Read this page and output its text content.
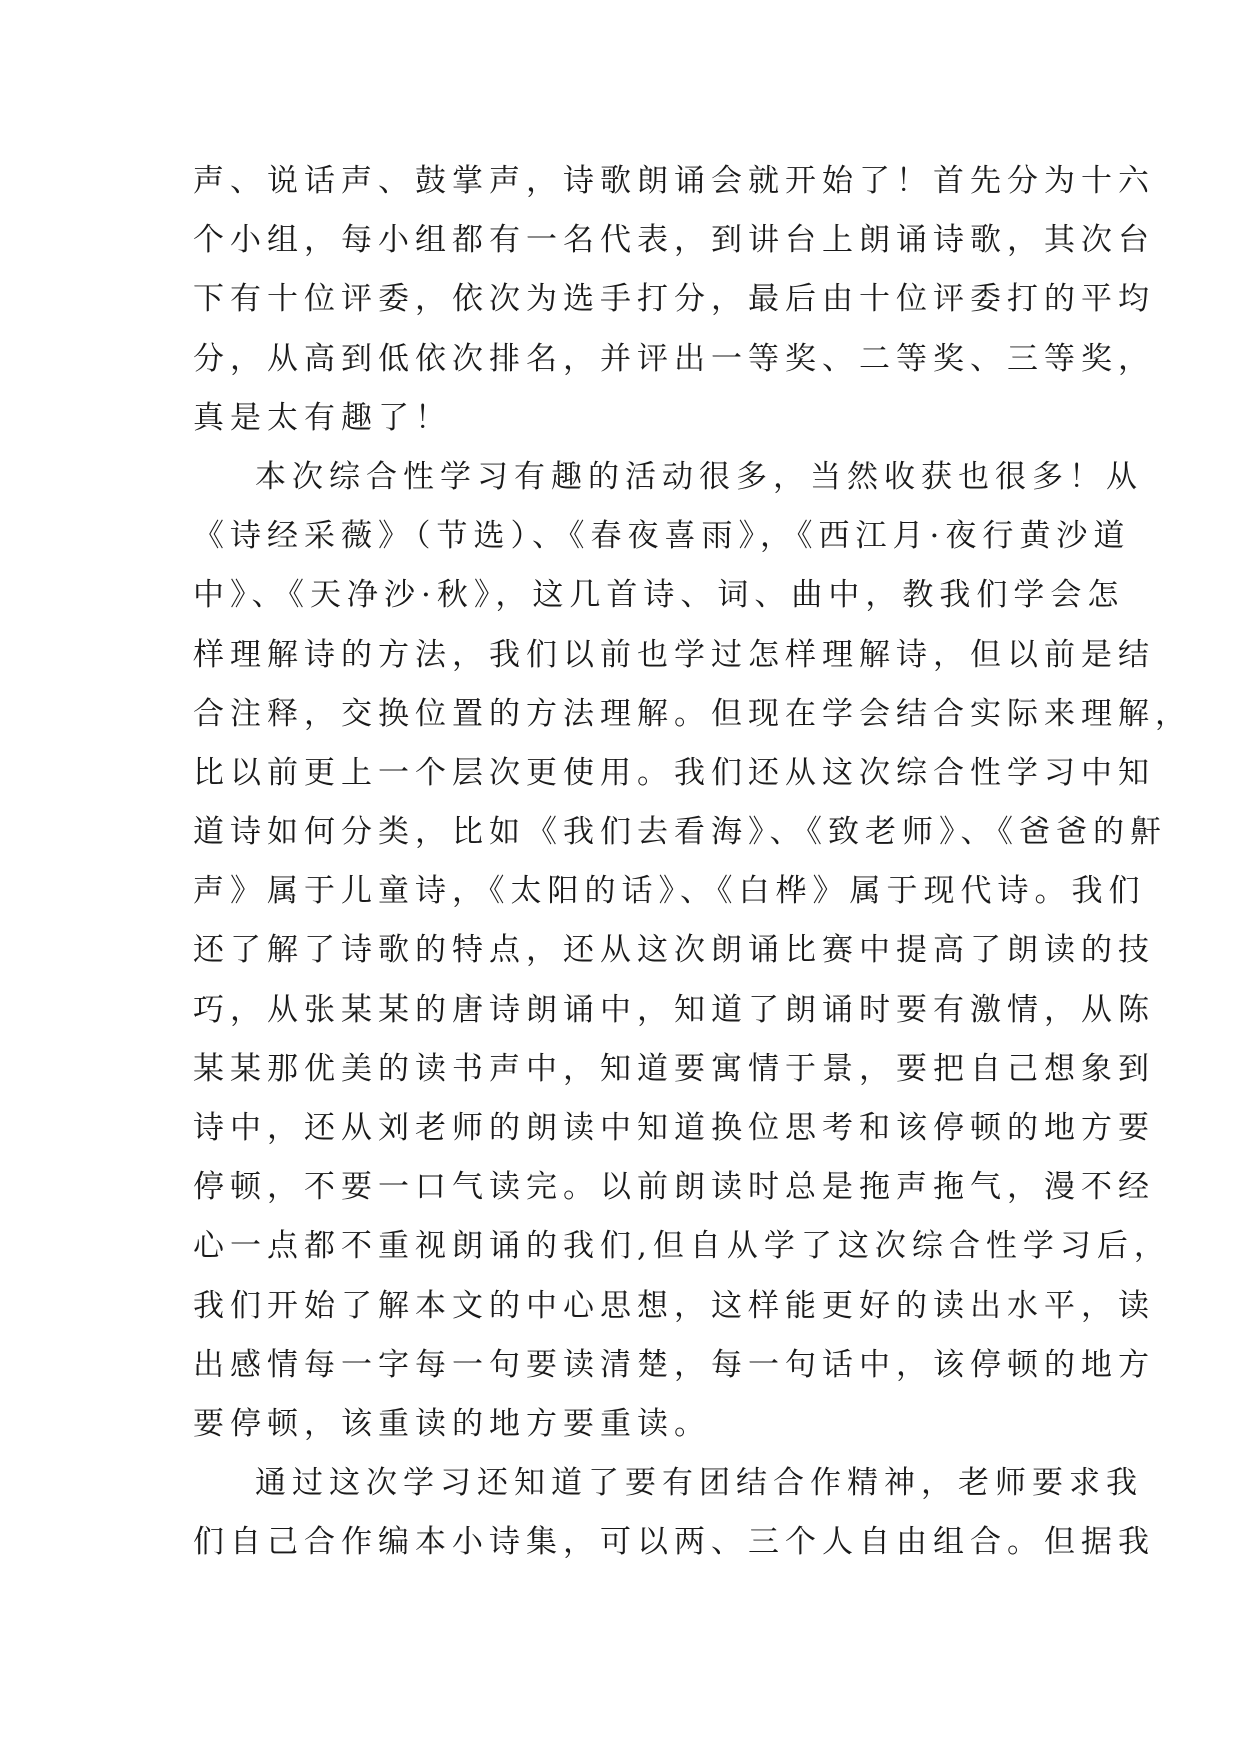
声、说话声、鼓掌声，诗歌朗诵会就开始了！首先分为十六
个小组，每小组都有一名代表，到讲台上朗诵诗歌，其次台
下有十位评委，依次为选手打分，最后由十位评委打的平均
分，从高到低依次排名，并评出一等奖、二等奖、三等奖，
真是太有趣了！
本次综合性学习有趣的活动很多，当然收获也很多！从
《诗经采薇》（节选）、《春夜喜雨》，《西江月·夜行黄沙道
中》、《天净沙·秋》，这几首诗、词、曲中，教我们学会怎
样理解诗的方法，我们以前也学过怎样理解诗，但以前是结
合注释，交换位置的方法理解。但现在学会结合实际来理解，
比以前更上一个层次更使用。我们还从这次综合性学习中知
道诗如何分类，比如《我们去看海》、《致老师》、《爸爸的鼾
声》属于儿童诗，《太阳的话》、《白桦》属于现代诗。我们
还了解了诗歌的特点，还从这次朗诵比赛中提高了朗读的技
巧，从张某某的唐诗朗诵中，知道了朗诵时要有激情，从陈
某某那优美的读书声中，知道要寓情于景，要把自己想象到
诗中，还从刘老师的朗读中知道换位思考和该停顿的地方要
停顿，不要一口气读完。以前朗读时总是拖声拖气，漫不经
心一点都不重视朗诵的我们,但自从学了这次综合性学习后，
我们开始了解本文的中心思想，这样能更好的读出水平，读
出感情每一字每一句要读清楚，每一句话中，该停顿的地方
要停顿，该重读的地方要重读。
通过这次学习还知道了要有团结合作精神，老师要求我
们自己合作编本小诗集，可以两、三个人自由组合。但据我
